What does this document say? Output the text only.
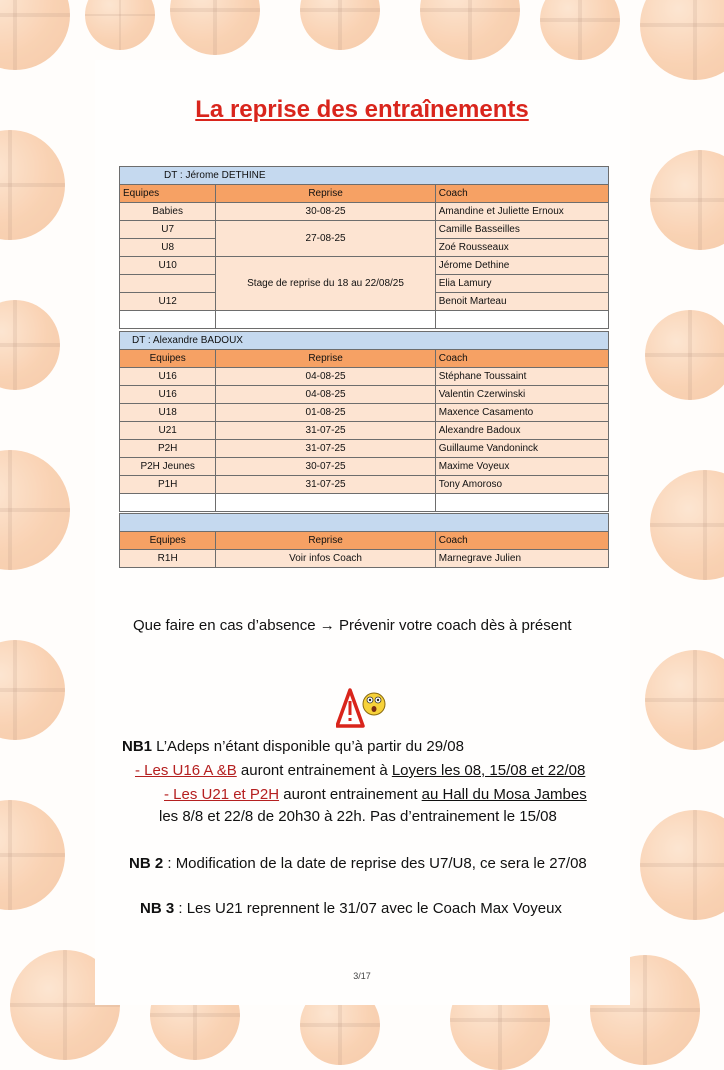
La reprise des entraînements
DT : Jérome DETHINE		
Equipes	Reprise	Coach
Babies	30-08-25	Amandine et Juliette Ernoux
U7	27-08-25	Camille Basseilles
U8		Zoé Rousseaux
U10	Stage de reprise du 18 au 22/08/25	Jérome Dethine
		Elia Lamury
U12		Benoit Marteau

DT : Alexandre BADOUX		
Equipes	Reprise	Coach
U16	04-08-25	Stéphane Toussaint
U16	04-08-25	Valentin Czerwinski
U18	01-08-25	Maxence Casamento
U21	31-07-25	Alexandre Badoux
P2H	31-07-25	Guillaume Vandoninck
P2H Jeunes	30-07-25	Maxime Voyeux
P1H	31-07-25	Tony Amoroso

Equipes	Reprise	Coach
R1H	Voir infos Coach	Marnegrave Julien
Que faire en cas d’absence → Prévenir votre coach dès à présent
NB1 L’Adeps n’étant disponible qu’à partir du 29/08
- Les U16 A &B auront entrainement à Loyers les 08, 15/08 et 22/08
- Les U21 et P2H auront entrainement au Hall du Mosa Jambes
les 8/8 et 22/8 de 20h30 à 22h. Pas d’entrainement le 15/08
NB 2 : Modification de la date de reprise des U7/U8, ce sera le 27/08
NB 3 : Les U21 reprennent le 31/07 avec le Coach Max Voyeux
3/17
